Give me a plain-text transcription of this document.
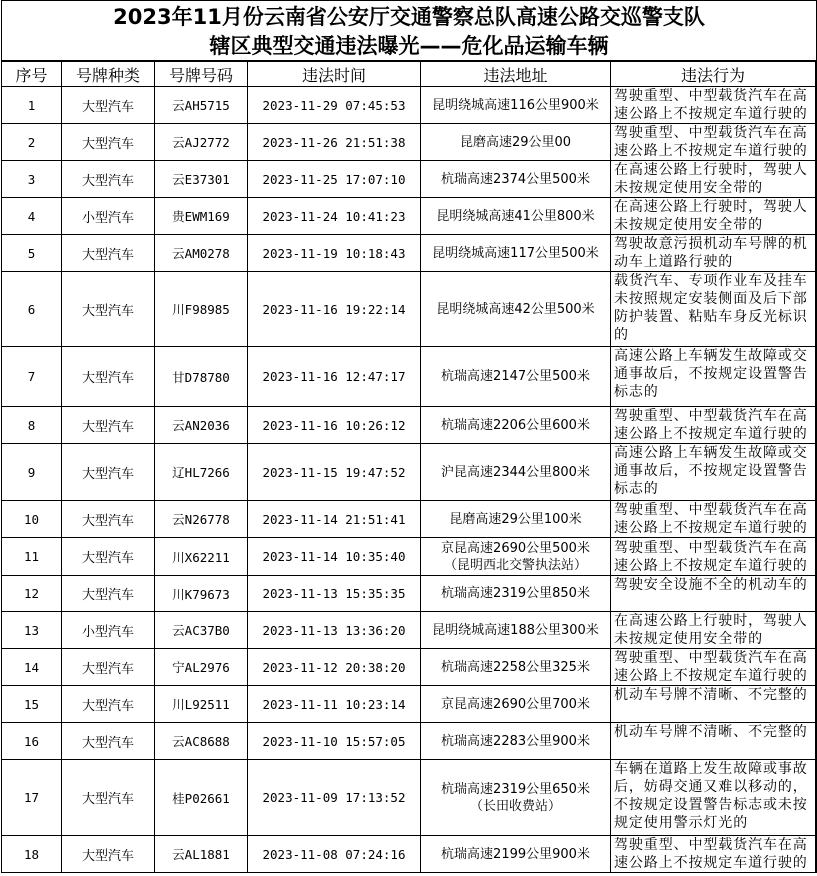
2023年11月份云南省公安厅交通警察总队高速公路交巡警支队
辖区典型交通违法曝光——危化品运输车辆
序号	号牌种类	号牌号码	违法时间	违法地址	违法行为
1	大型汽车	云AH5715	2023-11-29 07:45:53	昆明绕城高速116公里900米	驾驶重型、中型载货汽车在高速公路上不按规定车道行驶的
2	大型汽车	云AJ2772	2023-11-26 21:51:38	昆磨高速29公里00	驾驶重型、中型载货汽车在高速公路上不按规定车道行驶的
3	大型汽车	云E37301	2023-11-25 17:07:10	杭瑞高速2374公里500米	在高速公路上行驶时，驾驶人未按规定使用安全带的
4	小型汽车	贵EWM169	2023-11-24 10:41:23	昆明绕城高速41公里800米	在高速公路上行驶时，驾驶人未按规定使用安全带的
5	大型汽车	云AM0278	2023-11-19 10:18:43	昆明绕城高速117公里500米	驾驶故意污损机动车号牌的机动车上道路行驶的
6	大型汽车	川F98985	2023-11-16 19:22:14	昆明绕城高速42公里500米	载货汽车、专项作业车及挂车未按照规定安装侧面及后下部防护装置、粘贴车身反光标识的
7	大型汽车	甘D78780	2023-11-16 12:47:17	杭瑞高速2147公里500米	高速公路上车辆发生故障或交通事故后，不按规定设置警告标志的
8	大型汽车	云AN2036	2023-11-16 10:26:12	杭瑞高速2206公里600米	驾驶重型、中型载货汽车在高速公路上不按规定车道行驶的
9	大型汽车	辽HL7266	2023-11-15 19:47:52	沪昆高速2344公里800米	高速公路上车辆发生故障或交通事故后，不按规定设置警告标志的
10	大型汽车	云N26778	2023-11-14 21:51:41	昆磨高速29公里100米	驾驶重型、中型载货汽车在高速公路上不按规定车道行驶的
11	大型汽车	川X62211	2023-11-14 10:35:40	京昆高速2690公里500米
（昆明西北交警执法站）	驾驶重型、中型载货汽车在高速公路上不按规定车道行驶的
12	大型汽车	川K79673	2023-11-13 15:35:35	杭瑞高速2319公里850米	驾驶安全设施不全的机动车的
13	小型汽车	云AC37B0	2023-11-13 13:36:20	昆明绕城高速188公里300米	在高速公路上行驶时，驾驶人未按规定使用安全带的
14	大型汽车	宁AL2976	2023-11-12 20:38:20	杭瑞高速2258公里325米	驾驶重型、中型载货汽车在高速公路上不按规定车道行驶的
15	大型汽车	川L92511	2023-11-11 10:23:14	京昆高速2690公里700米	机动车号牌不清晰、不完整的
16	大型汽车	云AC8688	2023-11-10 15:57:05	杭瑞高速2283公里900米	机动车号牌不清晰、不完整的
17	大型汽车	桂P02661	2023-11-09 17:13:52	杭瑞高速2319公里650米
（长田收费站）	车辆在道路上发生故障或事故后，妨碍交通又难以移动的，不按规定设置警告标志或未按规定使用警示灯光的
18	大型汽车	云AL1881	2023-11-08 07:24:16	杭瑞高速2199公里900米	驾驶重型、中型载货汽车在高速公路上不按规定车道行驶的
